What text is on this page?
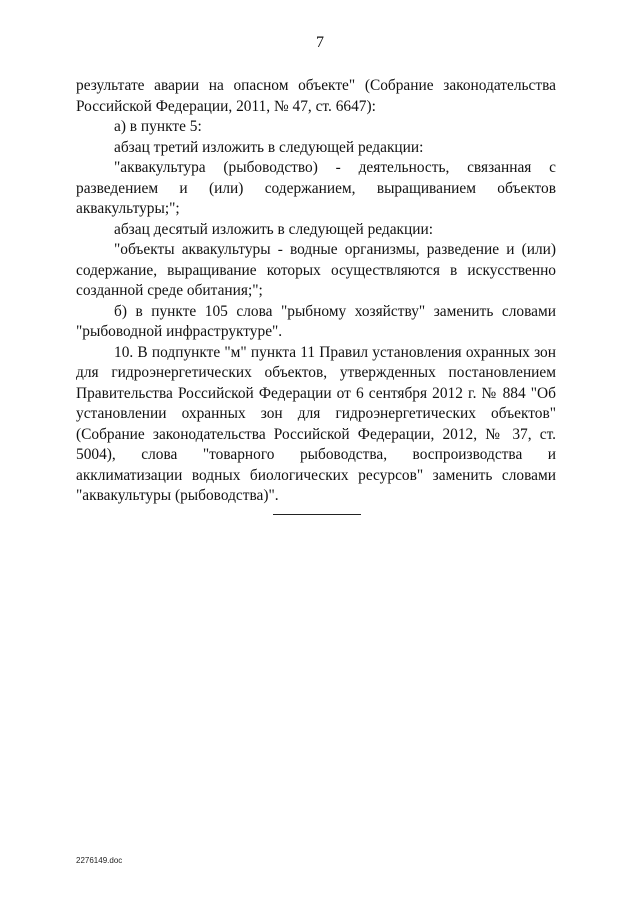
7

результате аварии на опасном объекте" (Собрание законодательства Российской Федерации, 2011, № 47, ст. 6647):

а) в пункте 5:

абзац третий изложить в следующей редакции:

"аквакультура (рыбоводство) - деятельность, связанная с разведением и (или) содержанием, выращиванием объектов аквакультуры;";

абзац десятый изложить в следующей редакции:

"объекты аквакультуры - водные организмы, разведение и (или) содержание, выращивание которых осуществляются в искусственно созданной среде обитания;";

б) в пункте 105 слова "рыбному хозяйству" заменить словами "рыбоводной инфраструктуре".

10. В подпункте "м" пункта 11 Правил установления охранных зон для гидроэнергетических объектов, утвержденных постановлением Правительства Российской Федерации от 6 сентября 2012 г. № 884 "Об установлении охранных зон для гидроэнергетических объектов" (Собрание законодательства Российской Федерации, 2012, № 37, ст. 5004), слова "товарного рыбоводства, воспроизводства и акклиматизации водных биологических ресурсов" заменить словами "аквакультуры (рыбоводства)".

2276149.doc
